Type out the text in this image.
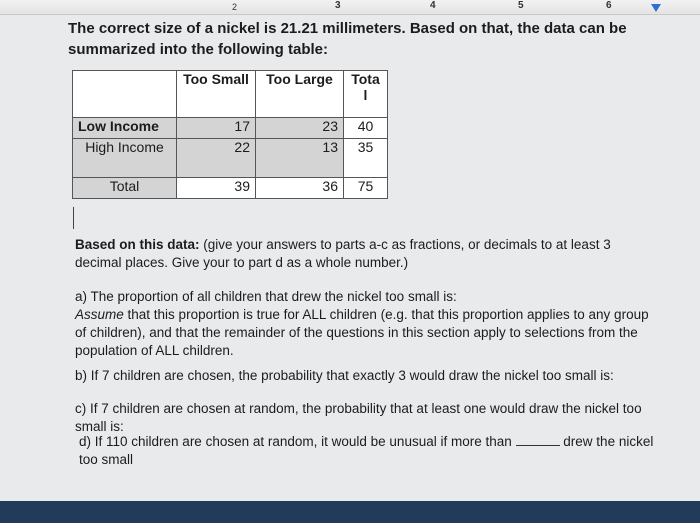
2	3	4	5	6

The correct size of a nickel is 21.21 millimeters. Based on that, the data can be summarized into the following table:

	Too Small	Too Large	Tota l
Low Income	17	23	40
High Income	22	13	35
Total	39	36	75

Based on this data: (give your answers to parts a-c as fractions, or decimals to at least 3 decimal places. Give your to part d as a whole number.)

a) The proportion of all children that drew the nickel too small is:

Assume that this proportion is true for ALL children (e.g. that this proportion applies to any group of children), and that the remainder of the questions in this section apply to selections from the population of ALL children.

b) If 7 children are chosen, the probability that exactly 3 would draw the nickel too small is:

c) If 7 children are chosen at random, the probability that at least one would draw the nickel too small is:

d) If 110 children are chosen at random, it would be unusual if more than	drew the nickel too small
